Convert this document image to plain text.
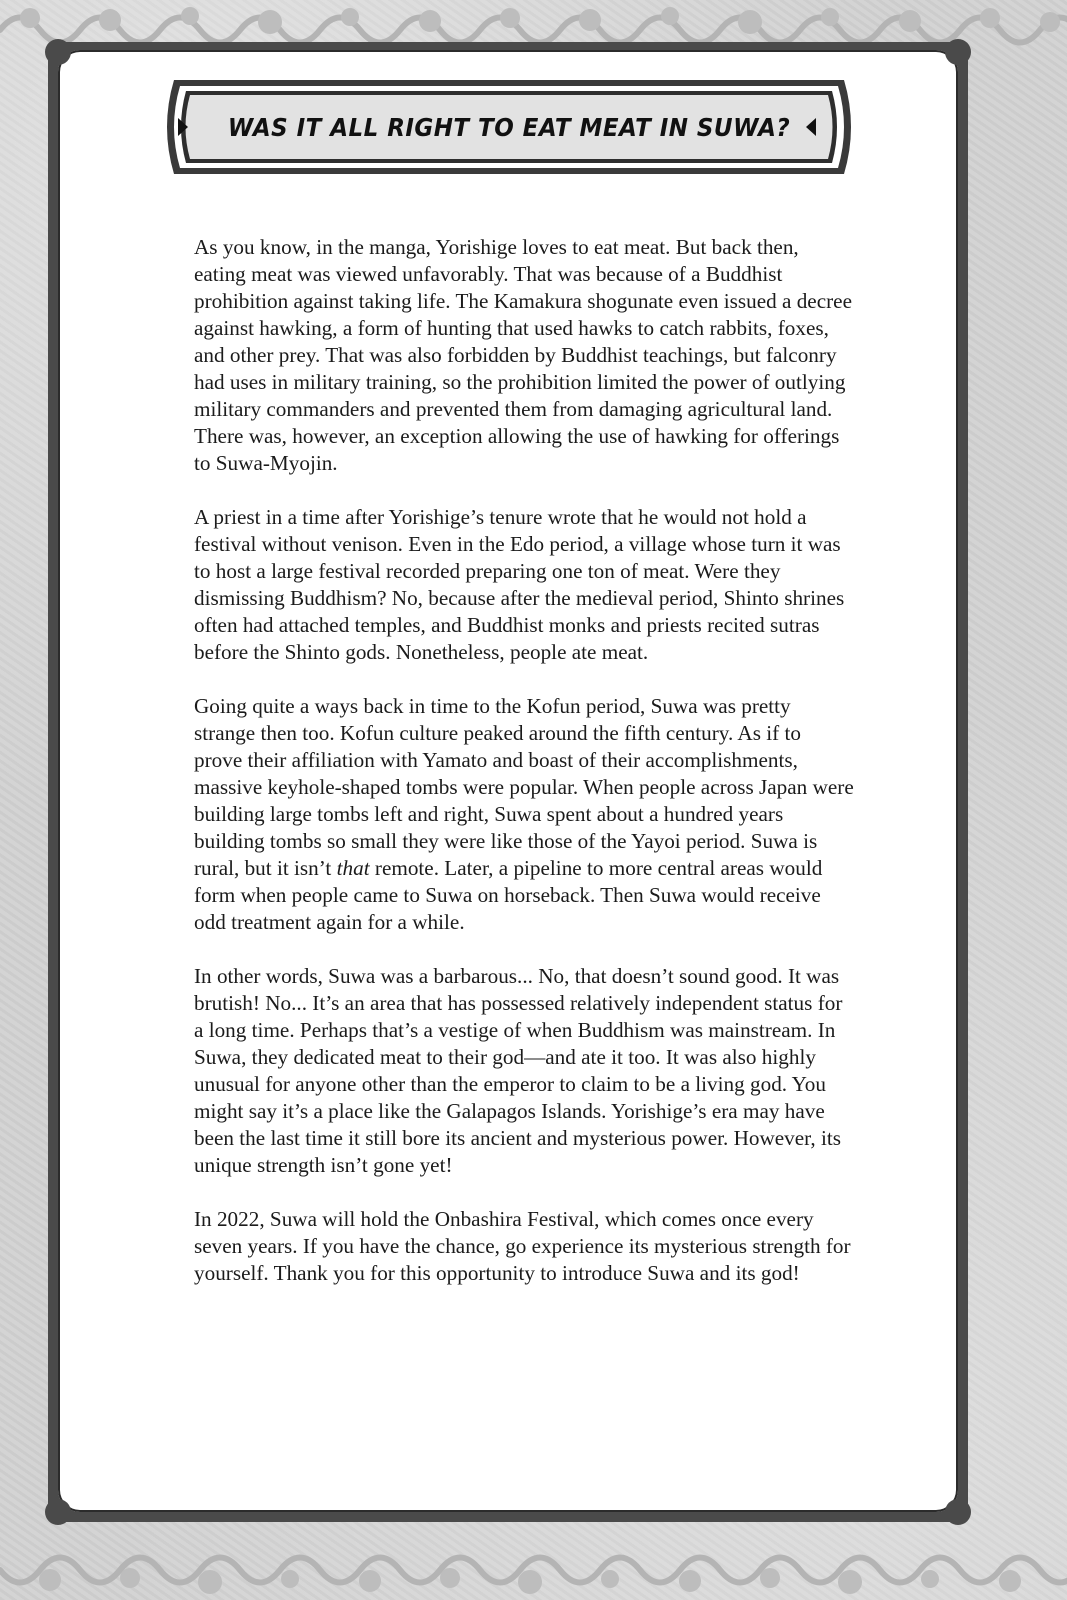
WAS IT ALL RIGHT TO EAT MEAT IN SUWA?

As you know, in the manga, Yorishige loves to eat meat. But back then, eating meat was viewed unfavorably. That was because of a Buddhist prohibition against taking life. The Kamakura shogunate even issued a decree against hawking, a form of hunting that used hawks to catch rabbits, foxes, and other prey. That was also forbidden by Buddhist teachings, but falconry had uses in military training, so the prohibition limited the power of outlying military commanders and prevented them from damaging agricultural land. There was, however, an exception allowing the use of hawking for offerings to Suwa-Myojin.

A priest in a time after Yorishige’s tenure wrote that he would not hold a festival without venison. Even in the Edo period, a village whose turn it was to host a large festival recorded preparing one ton of meat. Were they dismissing Buddhism? No, because after the medieval period, Shinto shrines often had attached temples, and Buddhist monks and priests recited sutras before the Shinto gods. Nonetheless, people ate meat.

Going quite a ways back in time to the Kofun period, Suwa was pretty strange then too. Kofun culture peaked around the fifth century. As if to prove their affiliation with Yamato and boast of their accomplishments, massive keyhole-shaped tombs were popular. When people across Japan were building large tombs left and right, Suwa spent about a hundred years building tombs so small they were like those of the Yayoi period. Suwa is rural, but it isn’t that remote. Later, a pipeline to more central areas would form when people came to Suwa on horseback. Then Suwa would receive odd treatment again for a while.

In other words, Suwa was a barbarous... No, that doesn’t sound good. It was brutish! No... It’s an area that has possessed relatively independent status for a long time. Perhaps that’s a vestige of when Buddhism was mainstream. In Suwa, they dedicated meat to their god—and ate it too. It was also highly unusual for anyone other than the emperor to claim to be a living god. You might say it’s a place like the Galapagos Islands. Yorishige’s era may have been the last time it still bore its ancient and mysterious power. However, its unique strength isn’t gone yet!

In 2022, Suwa will hold the Onbashira Festival, which comes once every seven years. If you have the chance, go experience its mysterious strength for yourself. Thank you for this opportunity to introduce Suwa and its god!
